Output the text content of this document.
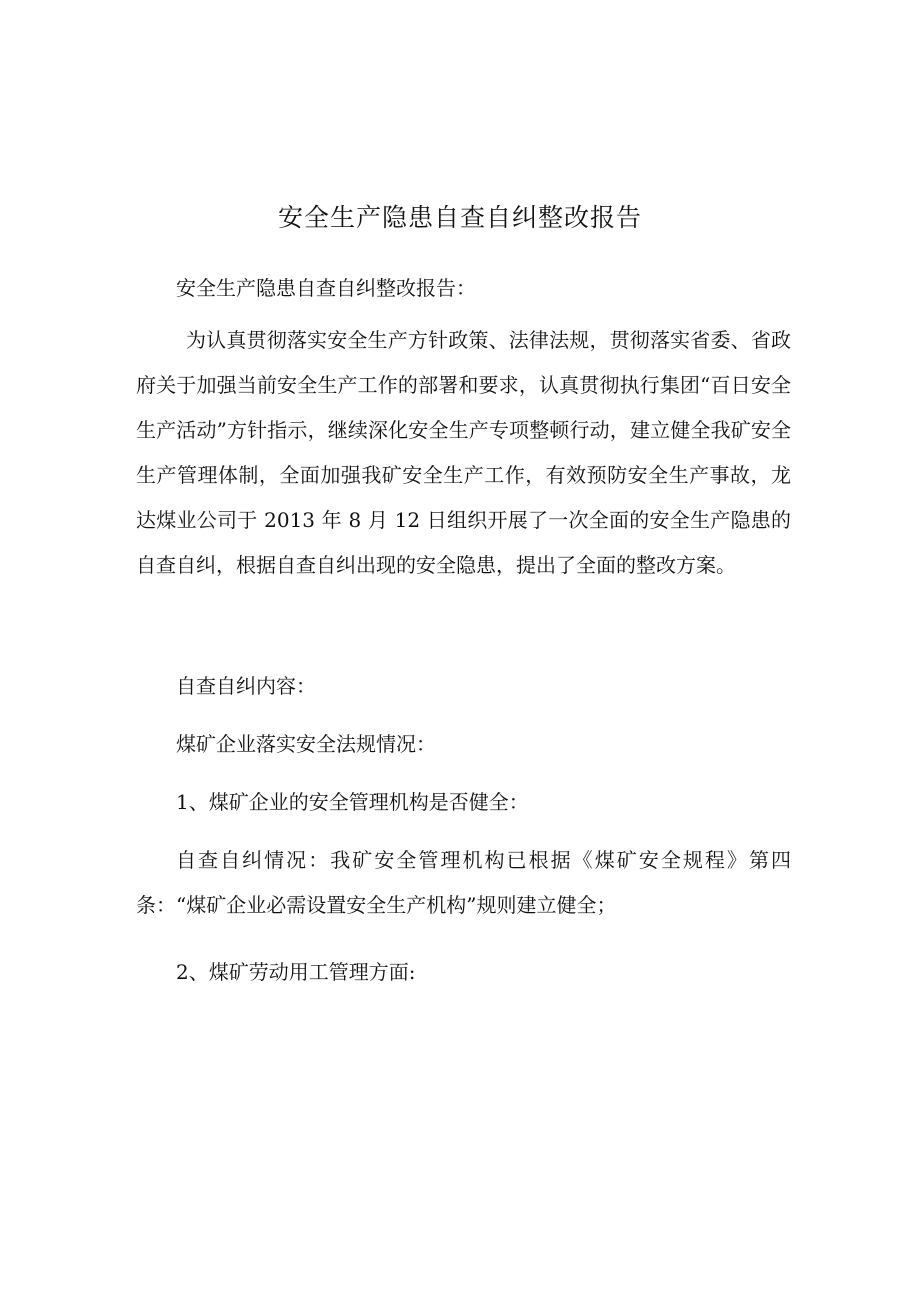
安全生产隐患自查自纠整改报告

安全生产隐患自查自纠整改报告：

为认真贯彻落实安全生产方针政策、法律法规，贯彻落实省委、省政府关于加强当前安全生产工作的部署和要求，认真贯彻执行集团“百日安全生产活动”方针指示，继续深化安全生产专项整顿行动，建立健全我矿安全生产管理体制，全面加强我矿安全生产工作，有效预防安全生产事故，龙达煤业公司于 2013 年 8 月 12 日组织开展了一次全面的安全生产隐患的自查自纠，根据自查自纠出现的安全隐患，提出了全面的整改方案。

自查自纠内容：

煤矿企业落实安全法规情况：

1、煤矿企业的安全管理机构是否健全：

自查自纠情况：我矿安全管理机构已根据《煤矿安全规程》第四条：“煤矿企业必需设置安全生产机构”规则建立健全；

2、煤矿劳动用工管理方面:
